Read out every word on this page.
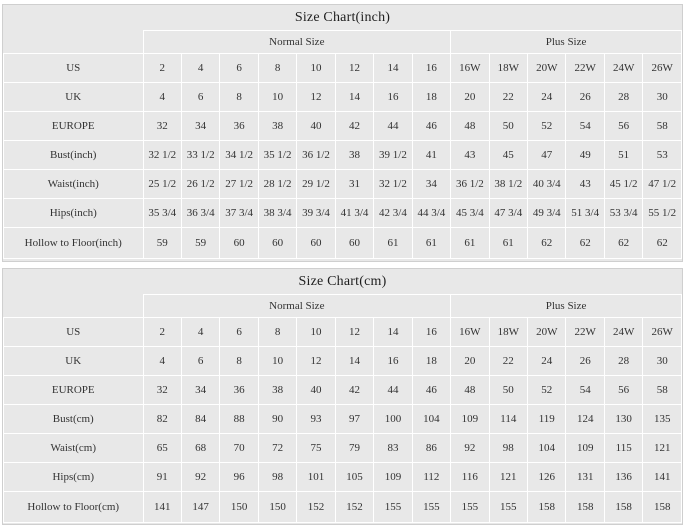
Size Chart(inch)
	Normal Size								Plus Size					
US	2	4	6	8	10	12	14	16	16W	18W	20W	22W	24W	26W
UK	4	6	8	10	12	14	16	18	20	22	24	26	28	30
EUROPE	32	34	36	38	40	42	44	46	48	50	52	54	56	58
Bust(inch)	32 1/2	33 1/2	34 1/2	35 1/2	36 1/2	38	39 1/2	41	43	45	47	49	51	53
Waist(inch)	25 1/2	26 1/2	27 1/2	28 1/2	29 1/2	31	32 1/2	34	36 1/2	38 1/2	40 3/4	43	45 1/2	47 1/2
Hips(inch)	35 3/4	36 3/4	37 3/4	38 3/4	39 3/4	41 3/4	42 3/4	44 3/4	45 3/4	47 3/4	49 3/4	51 3/4	53 3/4	55 1/2
Hollow to Floor(inch)	59	59	60	60	60	60	61	61	61	61	62	62	62	62
Size Chart(cm)
	Normal Size								Plus Size					
US	2	4	6	8	10	12	14	16	16W	18W	20W	22W	24W	26W
UK	4	6	8	10	12	14	16	18	20	22	24	26	28	30
EUROPE	32	34	36	38	40	42	44	46	48	50	52	54	56	58
Bust(cm)	82	84	88	90	93	97	100	104	109	114	119	124	130	135
Waist(cm)	65	68	70	72	75	79	83	86	92	98	104	109	115	121
Hips(cm)	91	92	96	98	101	105	109	112	116	121	126	131	136	141
Hollow to Floor(cm)	141	147	150	150	152	152	155	155	155	155	158	158	158	158
